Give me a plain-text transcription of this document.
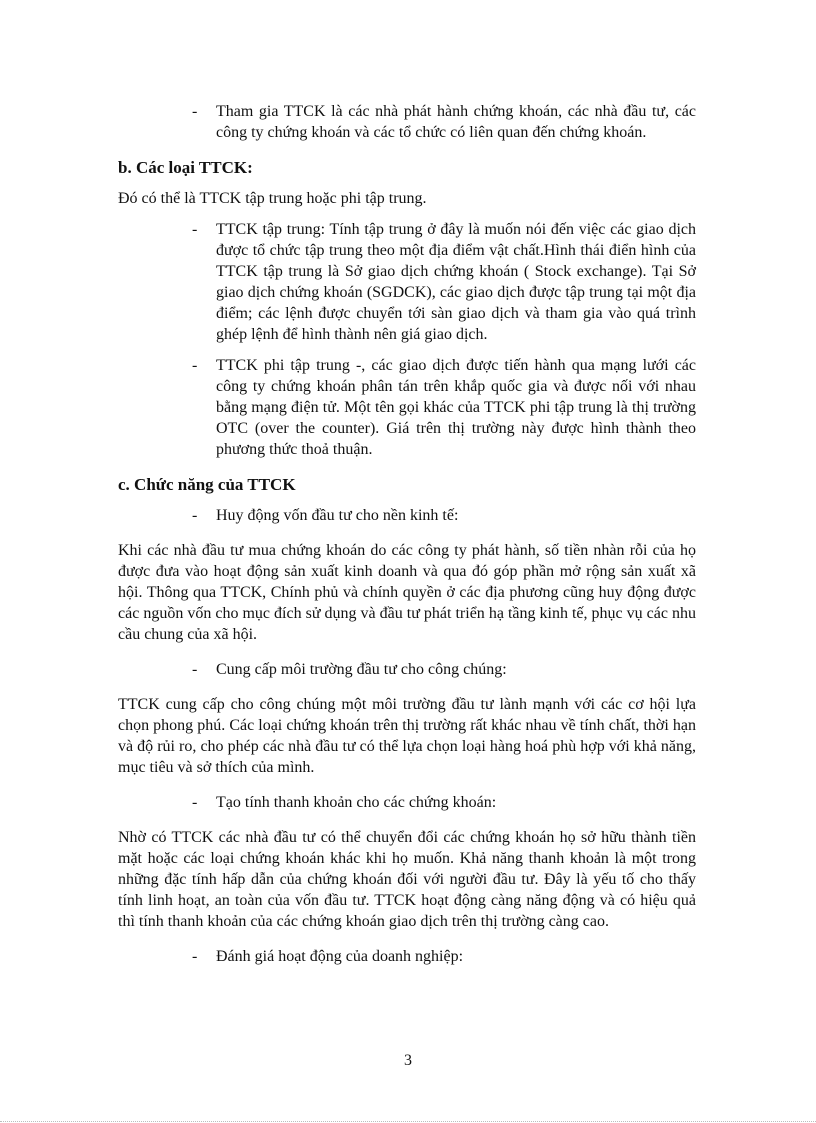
- Tham gia TTCK là các nhà phát hành chứng khoán, các nhà đầu tư, các công ty chứng khoán và các tổ chức có liên quan đến chứng khoán.
b. Các loại TTCK:

Đó có thể là TTCK tập trung hoặc phi tập trung.

- TTCK tập trung: Tính tập trung ở đây là muốn nói đến việc các giao dịch được tổ chức tập trung theo một địa điểm vật chất.Hình thái điển hình của TTCK tập trung là Sở giao dịch chứng khoán ( Stock exchange). Tại Sở giao dịch chứng khoán (SGDCK), các giao dịch được tập trung tại một địa điểm; các lệnh được chuyển tới sàn giao dịch và tham gia vào quá trình ghép lệnh để hình thành nên giá giao dịch.
- TTCK phi tập trung -, các giao dịch được tiến hành qua mạng lưới các công ty chứng khoán phân tán trên khắp quốc gia và được nối với nhau bằng mạng điện tử. Một tên gọi khác của TTCK phi tập trung là thị trường OTC (over the counter). Giá trên thị trường này được hình thành theo phương thức thoả thuận.
c. Chức năng của TTCK
- Huy động vốn đầu tư cho nền kinh tế:

Khi các nhà đầu tư mua chứng khoán do các công ty phát hành, số tiền nhàn rỗi của họ được đưa vào hoạt động sản xuất kinh doanh và qua đó góp phần mở rộng sản xuất xã hội. Thông qua TTCK, Chính phủ và chính quyền ở các địa phương cũng huy động được các nguồn vốn cho mục đích sử dụng và đầu tư phát triển hạ tầng kinh tế, phục vụ các nhu cầu chung của xã hội.

- Cung cấp môi trường đầu tư cho công chúng:

TTCK cung cấp cho công chúng một môi trường đầu tư lành mạnh với các cơ hội lựa chọn phong phú. Các loại chứng khoán trên thị trường rất khác nhau về tính chất, thời hạn và độ rủi ro, cho phép các nhà đầu tư có thể lựa chọn loại hàng hoá phù hợp với khả năng, mục tiêu và sở thích của mình.

- Tạo tính thanh khoản cho các chứng khoán:

Nhờ có TTCK các nhà đầu tư có thể chuyển đổi các chứng khoán họ sở hữu thành tiền mặt hoặc các loại chứng khoán khác khi họ muốn. Khả năng thanh khoản là một trong những đặc tính hấp dẫn của chứng khoán đối với người đầu tư. Đây là yếu tố cho thấy tính linh hoạt, an toàn của vốn đầu tư. TTCK hoạt động càng năng động và có hiệu quả thì tính thanh khoản của các chứng khoán giao dịch trên thị trường càng cao.

- Đánh giá hoạt động của doanh nghiệp:
3
